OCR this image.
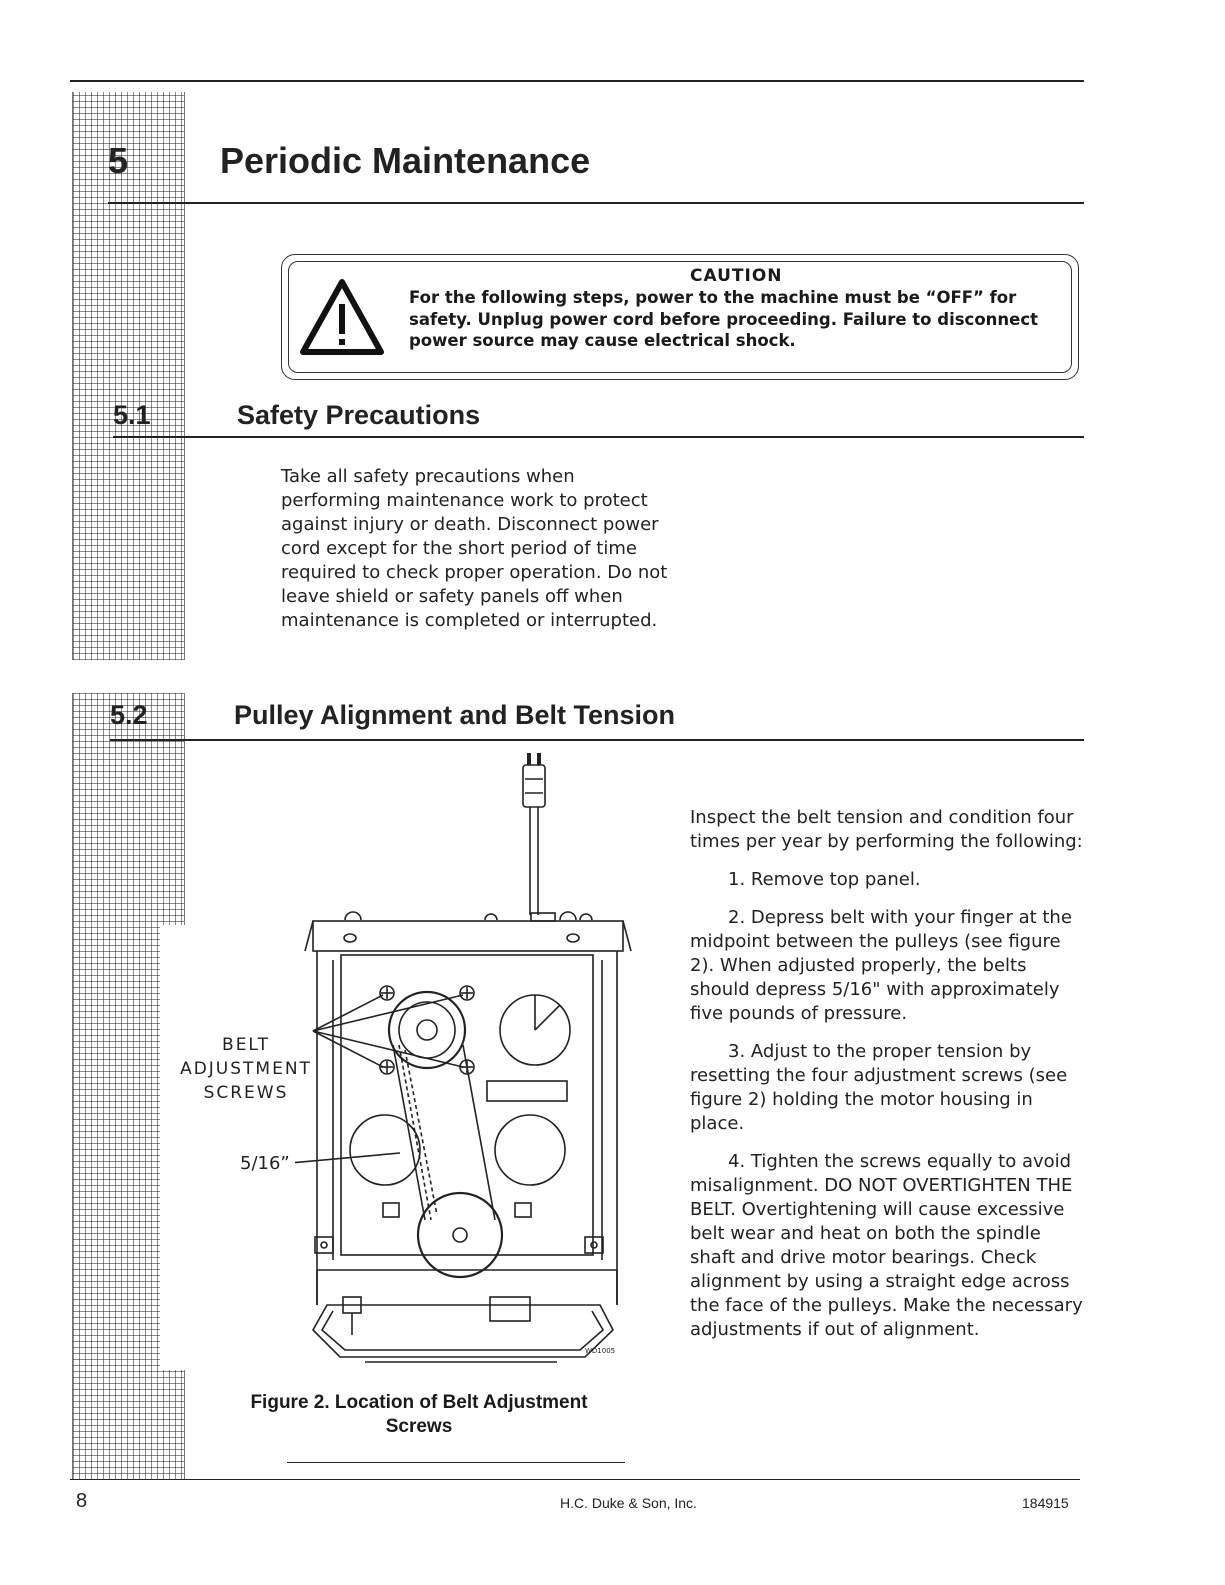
5	Periodic Maintenance
CAUTION
For the following steps, power to the machine must be “OFF” for safety. Unplug power cord before proceeding. Failure to disconnect power source may cause electrical shock.
5.1	Safety Precautions
Take all safety precautions when performing maintenance work to protect against injury or death. Disconnect power cord except for the short period of time required to check proper operation. Do not leave shield or safety panels off when maintenance is completed or interrupted.
5.2	Pulley Alignment and Belt Tension

Inspect the belt tension and condition four times per year by performing the following:

1. Remove top panel.

2. Depress belt with your finger at the midpoint between the pulleys (see figure 2). When adjusted properly, the belts should depress 5/16" with approximately five pounds of pressure.

3. Adjust to the proper tension by resetting the four adjustment screws (see figure 2) holding the motor housing in place.

4. Tighten the screws equally to avoid misalignment. DO NOT OVERTIGHTEN THE BELT. Overtightening will cause excessive belt wear and heat on both the spindle shaft and drive motor bearings. Check alignment by using a straight edge across the face of the pulleys. Make the necessary adjustments if out of alignment.

WD1005
BELT ADJUSTMENT SCREWS
5/16”
Figure 2. Location of Belt Adjustment Screws
8	H.C. Duke & Son, Inc.	184915
